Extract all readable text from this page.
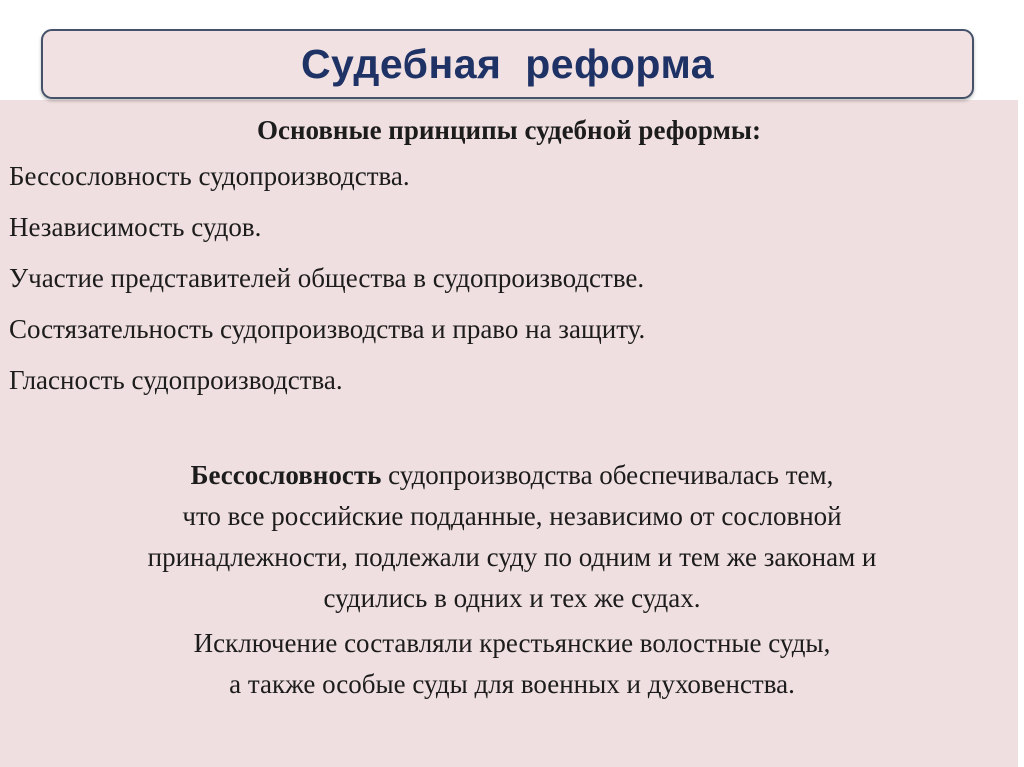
Судебная  реформа
Основные принципы судебной реформы:
Бессословность судопроизводства.
Независимость судов.
Участие представителей общества в судопроизводстве.
Состязательность судопроизводства и право на защиту.
Гласность судопроизводства.

Бессословность судопроизводства обеспечивалась тем,
что все российские подданные, независимо от сословной
принадлежности, подлежали суду по одним и тем же законам и
судились в одних и тех же судах.

Исключение составляли крестьянские волостные суды,
а также особые суды для военных и духовенства.
